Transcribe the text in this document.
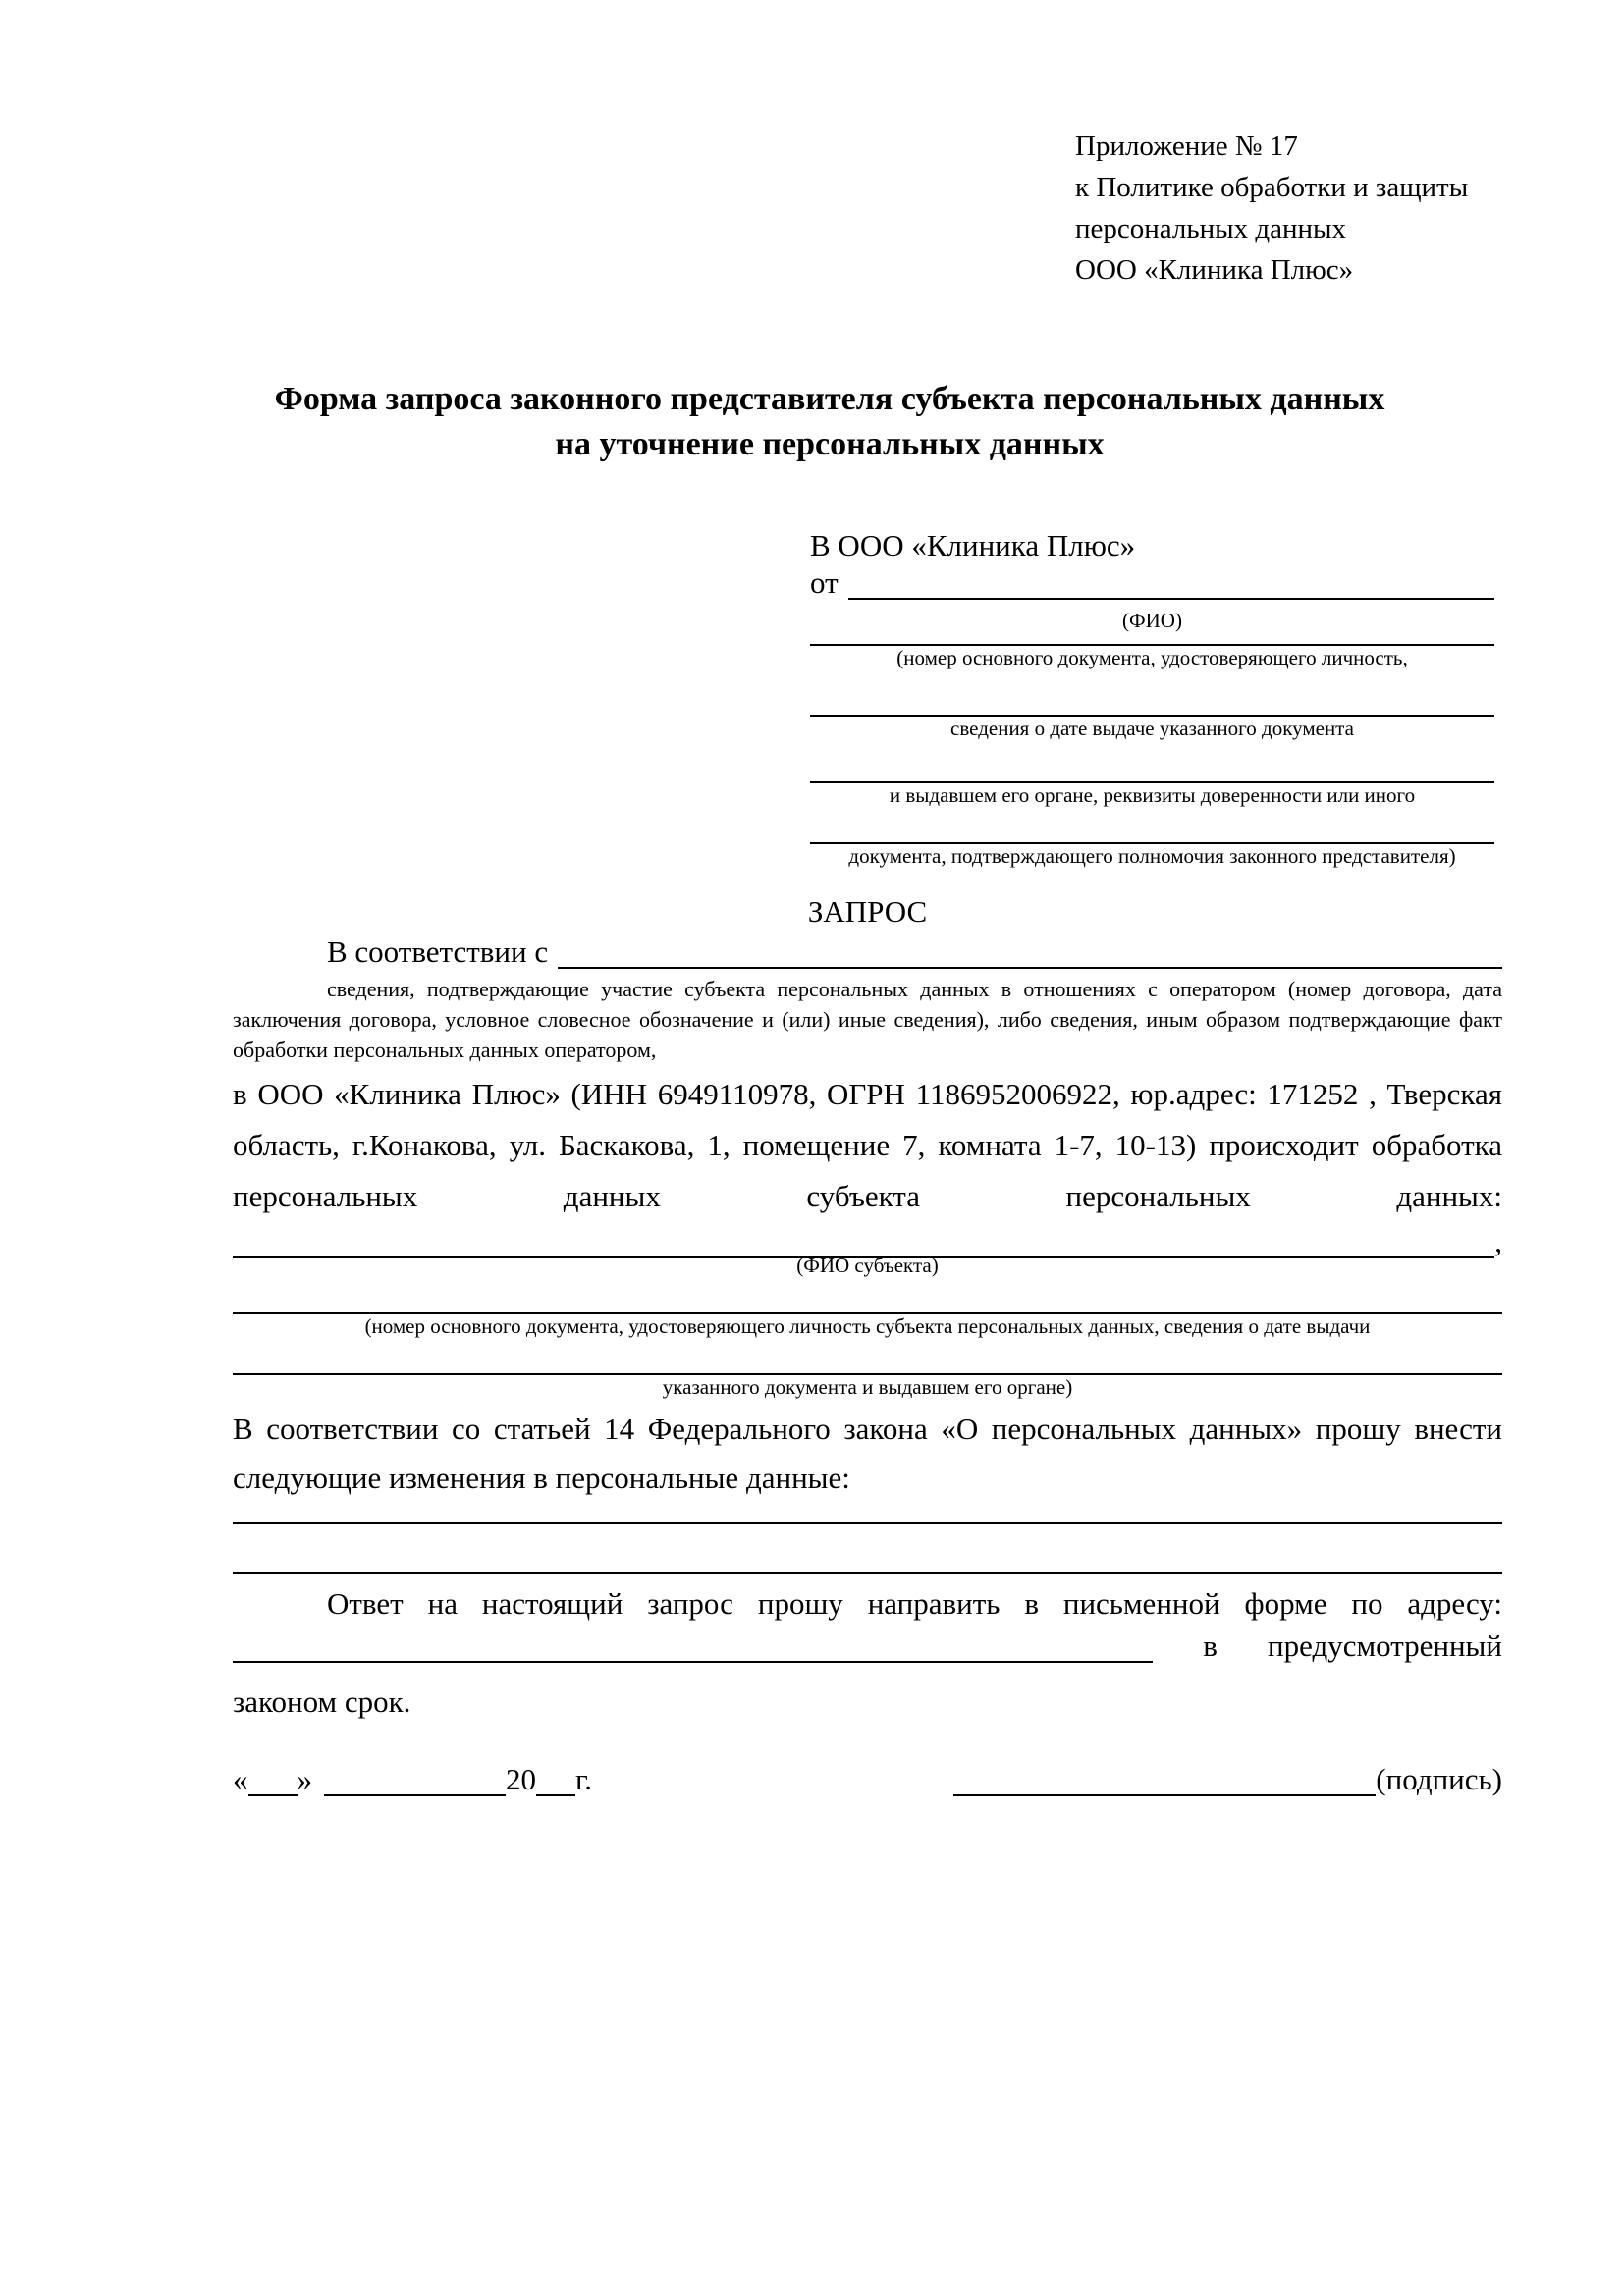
Приложение № 17
к Политике обработки и защиты
персональных данных
ООО «Клиника Плюс»
Форма запроса законного представителя субъекта персональных данных
на уточнение персональных данных
В ООО «Клиника Плюс»
от

(ФИО)
(номер основного документа, удостоверяющего личность,
сведения о дате выдаче указанного документа
и выдавшем его органе, реквизиты доверенности или иного
документа, подтверждающего полномочия законного представителя)
ЗАПРОС
В соответствии с

сведения, подтверждающие участие субъекта персональных данных в отношениях с оператором (номер договора, дата заключения договора, условное словесное обозначение и (или) иные сведения), либо сведения, иным образом подтверждающие факт обработки персональных данных оператором,
в ООО «Клиника Плюс» (ИНН 6949110978, ОГРН 1186952006922, юр.адрес: 171252 , Тверская область, г.Конакова, ул. Баскакова, 1, помещение 7, комната 1-7, 10-13) происходит обработка персональных данных субъекта персональных данных:

,
(ФИО субъекта)
(номер основного документа, удостоверяющего личность субъекта персональных данных, сведения о дате выдачи
указанного документа и выдавшем его органе)
В соответствии со статьей 14 Федерального закона «О персональных данных» прошу внести следующие изменения в персональные данные:
Ответ на настоящий запрос прошу направить в письменной форме по адресу:

в предусмотренный
законом срок.
« »	20 г.	(подпись)
